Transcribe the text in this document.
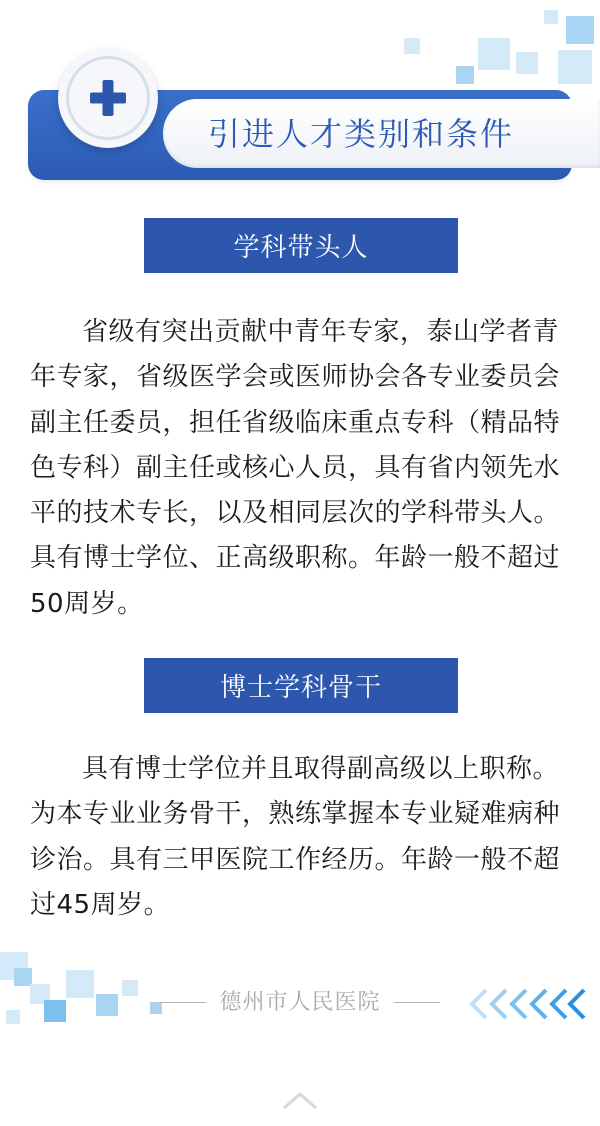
引进人才类别和条件
学科带头人

省级有突出贡献中青年专家，泰山学者青年专家，省级医学会或医师协会各专业委员会副主任委员，担任省级临床重点专科（精品特色专科）副主任或核心人员，具有省内领先水平的技术专长，以及相同层次的学科带头人。具有博士学位、正高级职称。年龄一般不超过50周岁。

博士学科骨干

具有博士学位并且取得副高级以上职称。为本专业业务骨干，熟练掌握本专业疑难病种诊治。具有三甲医院工作经历。年龄一般不超过45周岁。

德州市人民医院
